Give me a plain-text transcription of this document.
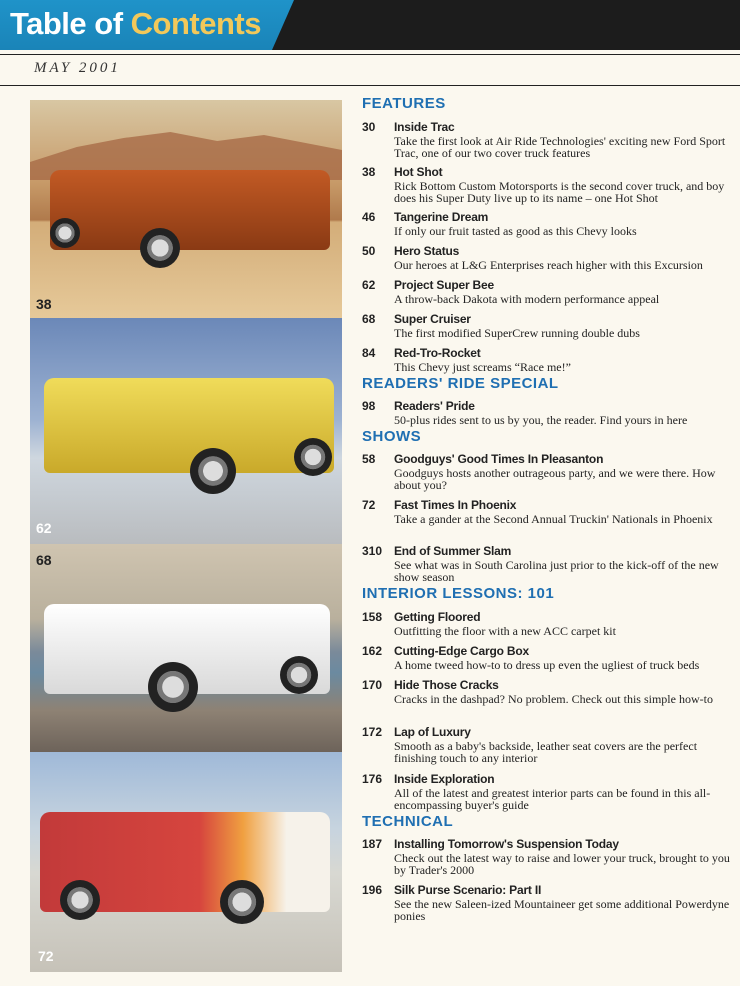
Table of Contents
MAY 2001
38
62
68
72
FEATURES
30 Inside Trac
Take the first look at Air Ride Technologies' exciting new Ford Sport Trac, one of our two cover truck features
38 Hot Shot
Rick Bottom Custom Motorsports is the second cover truck, and boy does his Super Duty live up to its name – one Hot Shot
46 Tangerine Dream
If only our fruit tasted as good as this Chevy looks
50 Hero Status
Our heroes at L&G Enterprises reach higher with this Excursion
62 Project Super Bee
A throw-back Dakota with modern performance appeal
68 Super Cruiser
The first modified SuperCrew running double dubs
84 Red-Tro-Rocket
This Chevy just screams “Race me!”
READERS' RIDE SPECIAL
98 Readers' Pride
50-plus rides sent to us by you, the reader. Find yours in here
SHOWS
58 Goodguys' Good Times In Pleasanton
Goodguys hosts another outrageous party, and we were there. How about you?
72 Fast Times In Phoenix
Take a gander at the Second Annual Truckin' Nationals in Phoenix
310 End of Summer Slam
See what was in South Carolina just prior to the kick-off of the new show season
INTERIOR LESSONS: 101
158 Getting Floored
Outfitting the floor with a new ACC carpet kit
162 Cutting-Edge Cargo Box
A home tweed how-to to dress up even the ugliest of truck beds
170 Hide Those Cracks
Cracks in the dashpad? No problem. Check out this simple how-to
172 Lap of Luxury
Smooth as a baby's backside, leather seat covers are the perfect finishing touch to any interior
176 Inside Exploration
All of the latest and greatest interior parts can be found in this all-encompassing buyer's guide
TECHNICAL
187 Installing Tomorrow's Suspension Today
Check out the latest way to raise and lower your truck, brought to you by Trader's 2000
196 Silk Purse Scenario: Part II
See the new Saleen-ized Mountaineer get some additional Powerdyne ponies
